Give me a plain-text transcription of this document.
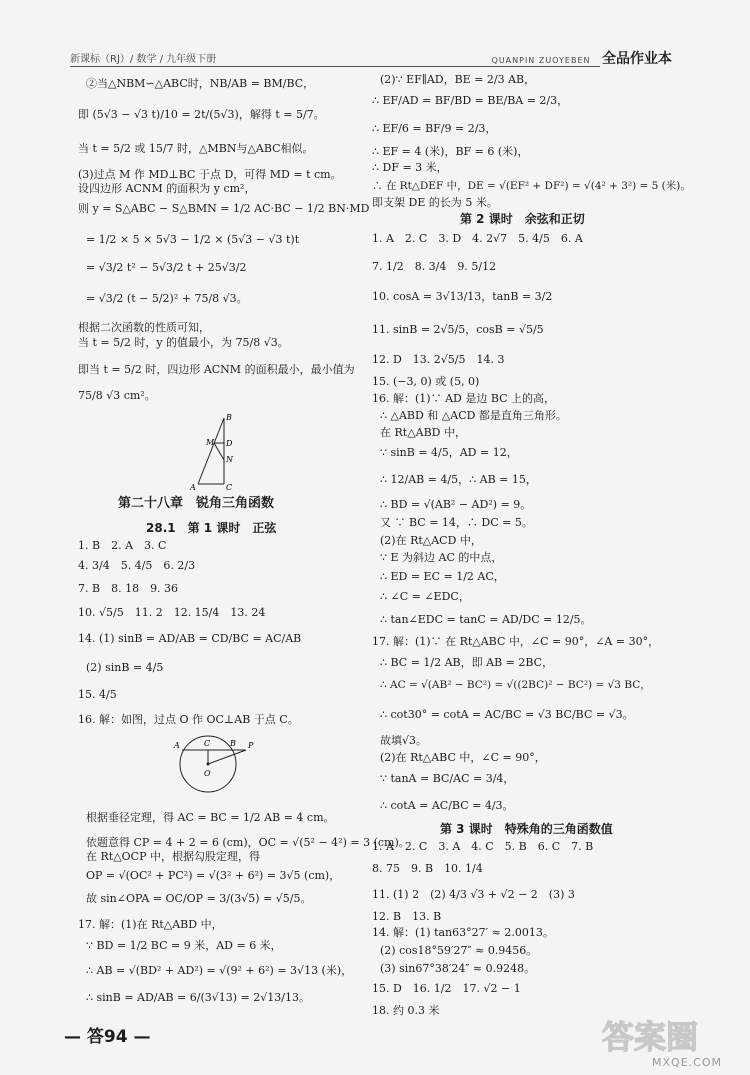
新课标（RJ）/ 数学 / 九年级下册	QUANPIN ZUOYEBEN 全品作业本
②当△NBM∽△ABC时，NB/AB = BM/BC，
即 (5√3 − √3 t)/10 = 2t/(5√3)，解得 t = 5/7。
当 t = 5/2 或 15/7 时，△MBN与△ABC相似。
(3)过点 M 作 MD⊥BC 于点 D，可得 MD = t cm。
设四边形 ACNM 的面积为 y cm²，
则 y = S△ABC − S△BMN = 1/2 AC·BC − 1/2 BN·MD
= 1/2 × 5 × 5√3 − 1/2 × (5√3 − √3 t)t
= √3/2 t² − 5√3/2 t + 25√3/2
= √3/2 (t − 5/2)² + 75/8 √3。
根据二次函数的性质可知，
当 t = 5/2 时，y 的值最小，为 75/8 √3。
即当 t = 5/2 时，四边形 ACNM 的面积最小，最小值为
75/8 √3 cm²。
B
M D
N
A	C
第二十八章　锐角三角函数
28.1　第 1 课时　正弦
1. B　2. A　3. C
4. 3/4　5. 4/5　6. 2/3
7. B　8. 18　9. 36
10. √5/5　11. 2　12. 15/4　13. 24
14. (1) sinB = AD/AB = CD/BC = AC/AB
(2) sinB = 4/5
15. 4/5
16. 解：如图，过点 O 作 OC⊥AB 于点 C。
A	C B P
O
根据垂径定理，得 AC = BC = 1/2 AB = 4 cm。
依题意得 CP = 4 + 2 = 6 (cm)，OC = √(5² − 4²) = 3 (cm)。
在 Rt△OCP 中，根据勾股定理，得
OP = √(OC² + PC²) = √(3² + 6²) = 3√5 (cm)，
故 sin∠OPA = OC/OP = 3/(3√5) = √5/5。
17. 解：(1)在 Rt△ABD 中，
∵ BD = 1/2 BC = 9 米，AD = 6 米，
∴ AB = √(BD² + AD²) = √(9² + 6²) = 3√13 (米)，
∴ sinB = AD/AB = 6/(3√13) = 2√13/13。
(2)∵ EF∥AD，BE = 2/3 AB，
∴ EF/AD = BF/BD = BE/BA = 2/3，
∴ EF/6 = BF/9 = 2/3，
∴ EF = 4 (米)，BF = 6 (米)，
∴ DF = 3 米，
∴ 在 Rt△DEF 中，DE = √(EF² + DF²) = √(4² + 3²) = 5 (米)。
即支架 DE 的长为 5 米。
第 2 课时　余弦和正切
1. A　2. C　3. D　4. 2√7　5. 4/5　6. A
7. 1/2　8. 3/4　9. 5/12
10. cosA = 3√13/13，tanB = 3/2
11. sinB = 2√5/5，cosB = √5/5
12. D　13. 2√5/5　14. 3
15. (−3, 0) 或 (5, 0)
16. 解：(1)∵ AD 是边 BC 上的高，
∴ △ABD 和 △ACD 都是直角三角形。
在 Rt△ABD 中，
∵ sinB = 4/5，AD = 12，
∴ 12/AB = 4/5，∴ AB = 15，
∴ BD = √(AB² − AD²) = 9。
又 ∵ BC = 14，∴ DC = 5。
(2)在 Rt△ACD 中，
∵ E 为斜边 AC 的中点，
∴ ED = EC = 1/2 AC，
∴ ∠C = ∠EDC，
∴ tan∠EDC = tanC = AD/DC = 12/5。
17. 解：(1)∵ 在 Rt△ABC 中，∠C = 90°，∠A = 30°，
∴ BC = 1/2 AB，即 AB = 2BC，
∴ AC = √(AB² − BC²) = √((2BC)² − BC²) = √3 BC，
∴ cot30° = cotA = AC/BC = √3 BC/BC = √3。
故填√3。
(2)在 Rt△ABC 中，∠C = 90°，
∵ tanA = BC/AC = 3/4，
∴ cotA = AC/BC = 4/3。
第 3 课时　特殊角的三角函数值
1. A　2. C　3. A　4. C　5. B　6. C　7. B
8. 75　9. B　10. 1/4
11. (1) 2　(2) 4/3 √3 + √2 − 2　(3) 3
12. B　13. B
14. 解：(1) tan63°27′ ≈ 2.0013。
(2) cos18°59′27″ ≈ 0.9456。
(3) sin67°38′24″ ≈ 0.9248。
15. D　16. 1/2　17. √2 − 1
18. 约 0.3 米
— 答94 —	答案圈
MXQE.COM
